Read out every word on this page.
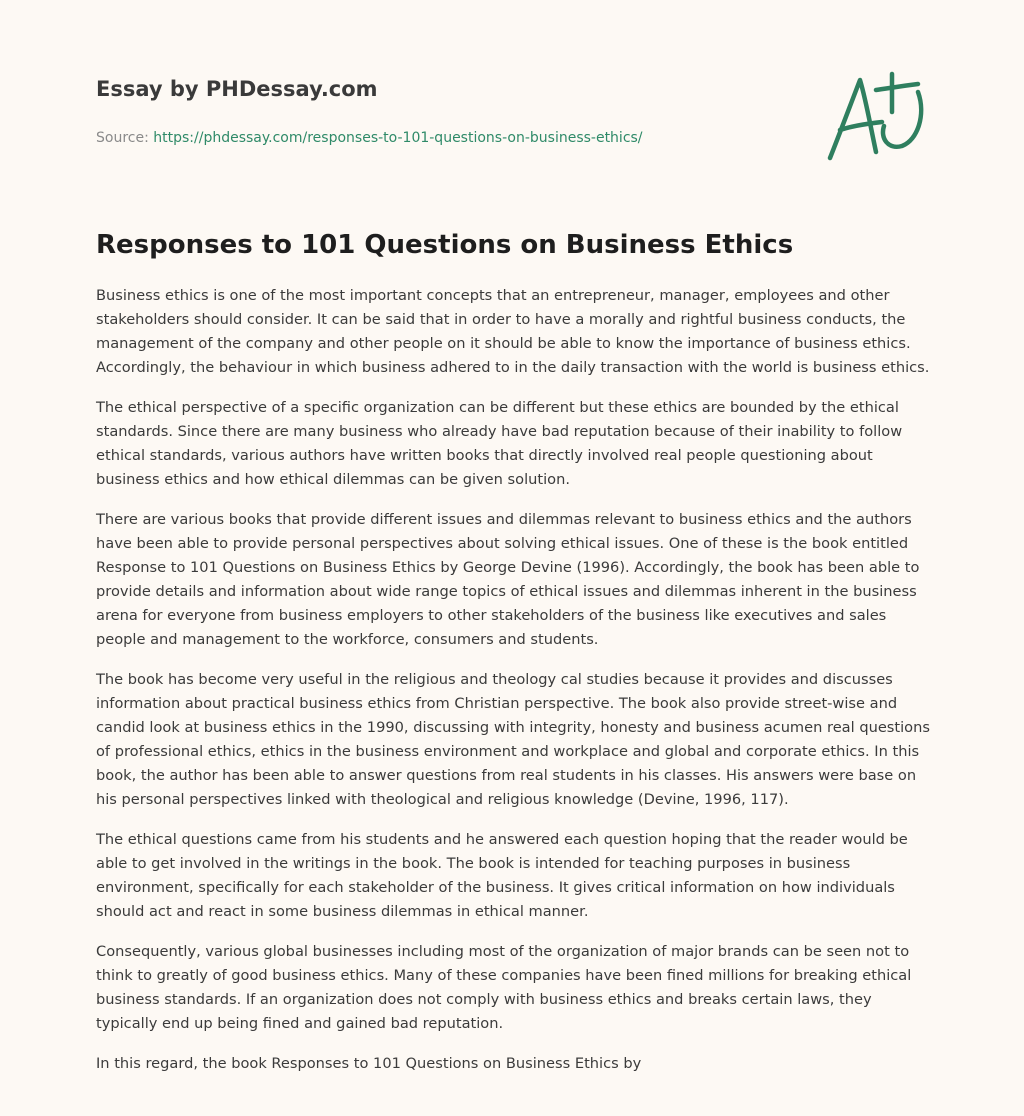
Essay by PHDessay.com
Source: https://phdessay.com/responses-to-101-questions-on-business-ethics/
Responses to 101 Questions on Business Ethics

Business ethics is one of the most important concepts that an entrepreneur, manager, employees and other stakeholders should consider. It can be said that in order to have a morally and rightful business conducts, the management of the company and other people on it should be able to know the importance of business ethics. Accordingly, the behaviour in which business adhered to in the daily transaction with the world is business ethics.

The ethical perspective of a specific organization can be different but these ethics are bounded by the ethical standards. Since there are many business who already have bad reputation because of their inability to follow ethical standards, various authors have written books that directly involved real people questioning about business ethics and how ethical dilemmas can be given solution.

There are various books that provide different issues and dilemmas relevant to business ethics and the authors have been able to provide personal perspectives about solving ethical issues. One of these is the book entitled Response to 101 Questions on Business Ethics by George Devine (1996). Accordingly, the book has been able to provide details and information about wide range topics of ethical issues and dilemmas inherent in the business arena for everyone from business employers to other stakeholders of the business like executives and sales people and management to the workforce, consumers and students.

The book has become very useful in the religious and theology cal studies because it provides and discusses information about practical business ethics from Christian perspective. The book also provide street-wise and candid look at business ethics in the 1990, discussing with integrity, honesty and business acumen real questions of professional ethics, ethics in the business environment and workplace and global and corporate ethics. In this book, the author has been able to answer questions from real students in his classes. His answers were base on his personal perspectives linked with theological and religious knowledge (Devine, 1996, 117).

The ethical questions came from his students and he answered each question hoping that the reader would be able to get involved in the writings in the book. The book is intended for teaching purposes in business environment, specifically for each stakeholder of the business. It gives critical information on how individuals should act and react in some business dilemmas in ethical manner.

Consequently, various global businesses including most of the organization of major brands can be seen not to think to greatly of good business ethics. Many of these companies have been fined millions for breaking ethical business standards. If an organization does not comply with business ethics and breaks certain laws, they typically end up being fined and gained bad reputation.

In this regard, the book Responses to 101 Questions on Business Ethics by
